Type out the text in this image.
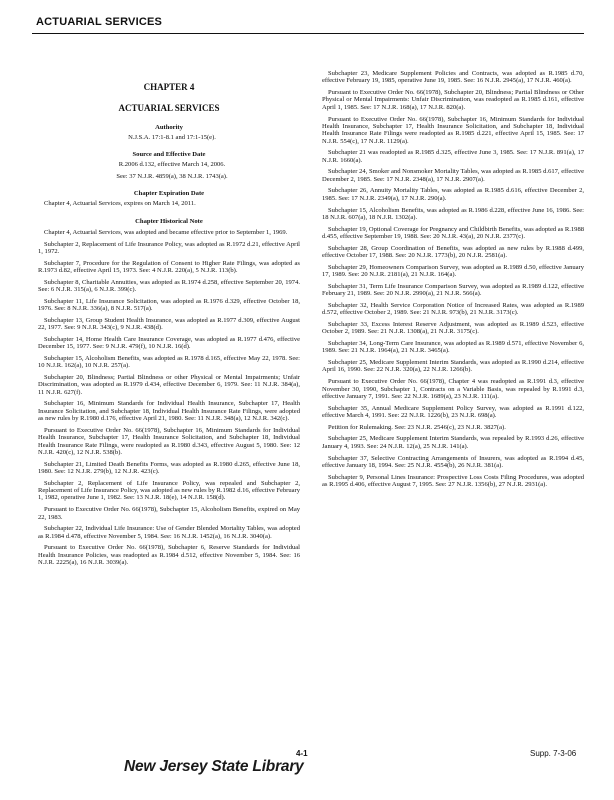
ACTUARIAL SERVICES
CHAPTER 4
ACTUARIAL SERVICES
Authority

N.J.S.A. 17:1-8.1 and 17:1-15(e).

Source and Effective Date

R.2006 d.132, effective March 14, 2006.

See: 37 N.J.R. 4859(a), 38 N.J.R. 1743(a).

Chapter Expiration Date

Chapter 4, Actuarial Services, expires on March 14, 2011.

Chapter Historical Note

Chapter 4, Actuarial Services, was adopted and became effective prior to September 1, 1969.

Subchapter 2, Replacement of Life Insurance Policy, was adopted as R.1972 d.21, effective April 1, 1972.

Subchapter 7, Procedure for the Regulation of Consent to Higher Rate Filings, was adopted as R.1973 d.82, effective April 15, 1973. See: 4 N.J.R. 220(a), 5 N.J.R. 113(b).

Subchapter 8, Charitable Annuities, was adopted as R.1974 d.258, effective September 20, 1974. See: 6 N.J.R. 315(a), 6 N.J.R. 399(c).

Subchapter 11, Life Insurance Solicitation, was adopted as R.1976 d.329, effective October 18, 1976. See: 8 N.J.R. 336(a), 8 N.J.R. 517(a).

Subchapter 13, Group Student Health Insurance, was adopted as R.1977 d.309, effective August 22, 1977. See: 9 N.J.R. 343(c), 9 N.J.R. 438(d).

Subchapter 14, Home Health Care Insurance Coverage, was adopted as R.1977 d.476, effective December 15, 1977. See: 9 N.J.R. 479(f), 10 N.J.R. 16(d).

Subchapter 15, Alcoholism Benefits, was adopted as R.1978 d.165, effective May 22, 1978. See: 10 N.J.R. 162(a), 10 N.J.R. 257(a).

Subchapter 20, Blindness; Partial Blindness or other Physical or Mental Impairments; Unfair Discrimination, was adopted as R.1979 d.434, effective December 6, 1979. See: 11 N.J.R. 384(a), 11 N.J.R. 627(f).

Subchapter 16, Minimum Standards for Individual Health Insurance, Subchapter 17, Health Insurance Solicitation, and Subchapter 18, Individual Health Insurance Rate Filings, were adopted as new rules by R.1980 d.176, effective April 21, 1980. See: 11 N.J.R. 348(a), 12 N.J.R. 342(c).

Pursuant to Executive Order No. 66(1978), Subchapter 16, Minimum Standards for Individual Health Insurance, Subchapter 17, Health Insurance Solicitation, and Subchapter 18, Individual Health Insurance Rate Filings, were readopted as R.1980 d.343, effective August 5, 1980. See: 12 N.J.R. 420(c), 12 N.J.R. 538(b).

Subchapter 21, Limited Death Benefits Forms, was adopted as R.1980 d.265, effective June 18, 1980. See: 12 N.J.R. 279(b), 12 N.J.R. 423(c).

Subchapter 2, Replacement of Life Insurance Policy, was repealed and Subchapter 2, Replacement of Life Insurance Policy, was adopted as new rules by R.1982 d.16, effective February 1, 1982, operative June 1, 1982. See: 13 N.J.R. 18(e), 14 N.J.R. 158(d).

Pursuant to Executive Order No. 66(1978), Subchapter 15, Alcoholism Benefits, expired on May 22, 1983.

Subchapter 22, Individual Life Insurance: Use of Gender Blended Mortality Tables, was adopted as R.1984 d.478, effective November 5, 1984. See: 16 N.J.R. 1452(a), 16 N.J.R. 3040(a).

Pursuant to Executive Order No. 66(1978), Subchapter 6, Reserve Standards for Individual Health Insurance Policies, was readopted as R.1984 d.512, effective November 5, 1984. See: 16 N.J.R. 2225(a), 16 N.J.R. 3039(a).

Subchapter 23, Medicare Supplement Policies and Contracts, was adopted as R.1985 d.70, effective February 19, 1985, operative June 19, 1985. See: 16 N.J.R. 2945(a), 17 N.J.R. 460(a).

Pursuant to Executive Order No. 66(1978), Subchapter 20, Blindness; Partial Blindness or Other Physical or Mental Impairments: Unfair Discrimination, was readopted as R.1985 d.161, effective April 1, 1985. See: 17 N.J.R. 168(a), 17 N.J.R. 820(a).

Pursuant to Executive Order No. 66(1978), Subchapter 16, Minimum Standards for Individual Health Insurance, Subchapter 17, Health Insurance Solicitation, and Subchapter 18, Individual Health Insurance Rate Filings were readopted as R.1985 d.221, effective April 15, 1985. See: 17 N.J.R. 554(c), 17 N.J.R. 1129(a).

Subchapter 21 was readopted as R.1985 d.325, effective June 3, 1985. See: 17 N.J.R. 891(a), 17 N.J.R. 1660(a).

Subchapter 24, Smoker and Nonsmoker Mortality Tables, was adopted as R.1985 d.617, effective December 2, 1985. See: 17 N.J.R. 2348(a), 17 N.J.R. 2907(a).

Subchapter 26, Annuity Mortality Tables, was adopted as R.1985 d.616, effective December 2, 1985. See: 17 N.J.R. 2349(a), 17 N.J.R. 290(a).

Subchapter 15, Alcoholism Benefits, was adopted as R.1986 d.228, effective June 16, 1986. See: 18 N.J.R. 607(a), 18 N.J.R. 1302(a).

Subchapter 19, Optional Coverage for Pregnancy and Childbirth Benefits, was adopted as R.1988 d.455, effective September 19, 1988. See: 20 N.J.R. 43(a), 20 N.J.R. 2377(c).

Subchapter 28, Group Coordination of Benefits, was adopted as new rules by R.1988 d.499, effective October 17, 1988. See: 20 N.J.R. 1773(b), 20 N.J.R. 2581(a).

Subchapter 29, Homeowners Comparison Survey, was adopted as R.1989 d.50, effective January 17, 1989. See: 20 N.J.R. 2181(a), 21 N.J.R. 164(a).

Subchapter 31, Term Life Insurance Comparison Survey, was adopted as R.1989 d.122, effective February 21, 1989. See: 20 N.J.R. 2990(a), 21 N.J.R. 566(a).

Subchapter 32, Health Service Corporation Notice of Increased Rates, was adopted as R.1989 d.572, effective October 2, 1989. See: 21 N.J.R. 973(b), 21 N.J.R. 3173(c).

Subchapter 33, Excess Interest Reserve Adjustment, was adopted as R.1989 d.523, effective October 2, 1989. See: 21 N.J.R. 1308(a), 21 N.J.R. 3175(c).

Subchapter 34, Long-Term Care Insurance, was adopted as R.1989 d.571, effective November 6, 1989. See: 21 N.J.R. 1964(a), 21 N.J.R. 3465(a).

Subchapter 25, Medicare Supplement Interim Standards, was adopted as R.1990 d.214, effective April 16, 1990. See: 22 N.J.R. 320(a), 22 N.J.R. 1266(b).

Pursuant to Executive Order No. 66(1978), Chapter 4 was readopted as R.1991 d.3, effective November 30, 1990, Subchapter 1, Contracts on a Variable Basis, was repealed by R.1991 d.3, effective January 7, 1991. See: 22 N.J.R. 1689(a), 23 N.J.R. 111(a).

Subchapter 35, Annual Medicare Supplement Policy Survey, was adopted as R.1991 d.122, effective March 4, 1991. See: 22 N.J.R. 1226(b), 23 N.J.R. 698(a).

Petition for Rulemaking. See: 23 N.J.R. 2546(c), 23 N.J.R. 3827(a).

Subchapter 25, Medicare Supplement Interim Standards, was repealed by R.1993 d.26, effective January 4, 1993. See: 24 N.J.R. 12(a), 25 N.J.R. 141(a).

Subchapter 37, Selective Contracting Arrangements of Insurers, was adopted as R.1994 d.45, effective January 18, 1994. See: 25 N.J.R. 4554(b), 26 N.J.R. 381(a).

Subchapter 9, Personal Lines Insurance: Prospective Loss Costs Filing Procedures, was adopted as R.1995 d.406, effective August 7, 1995. See: 27 N.J.R. 1356(b), 27 N.J.R. 2931(a).

4-1	Supp. 7-3-06
New Jersey State Library
